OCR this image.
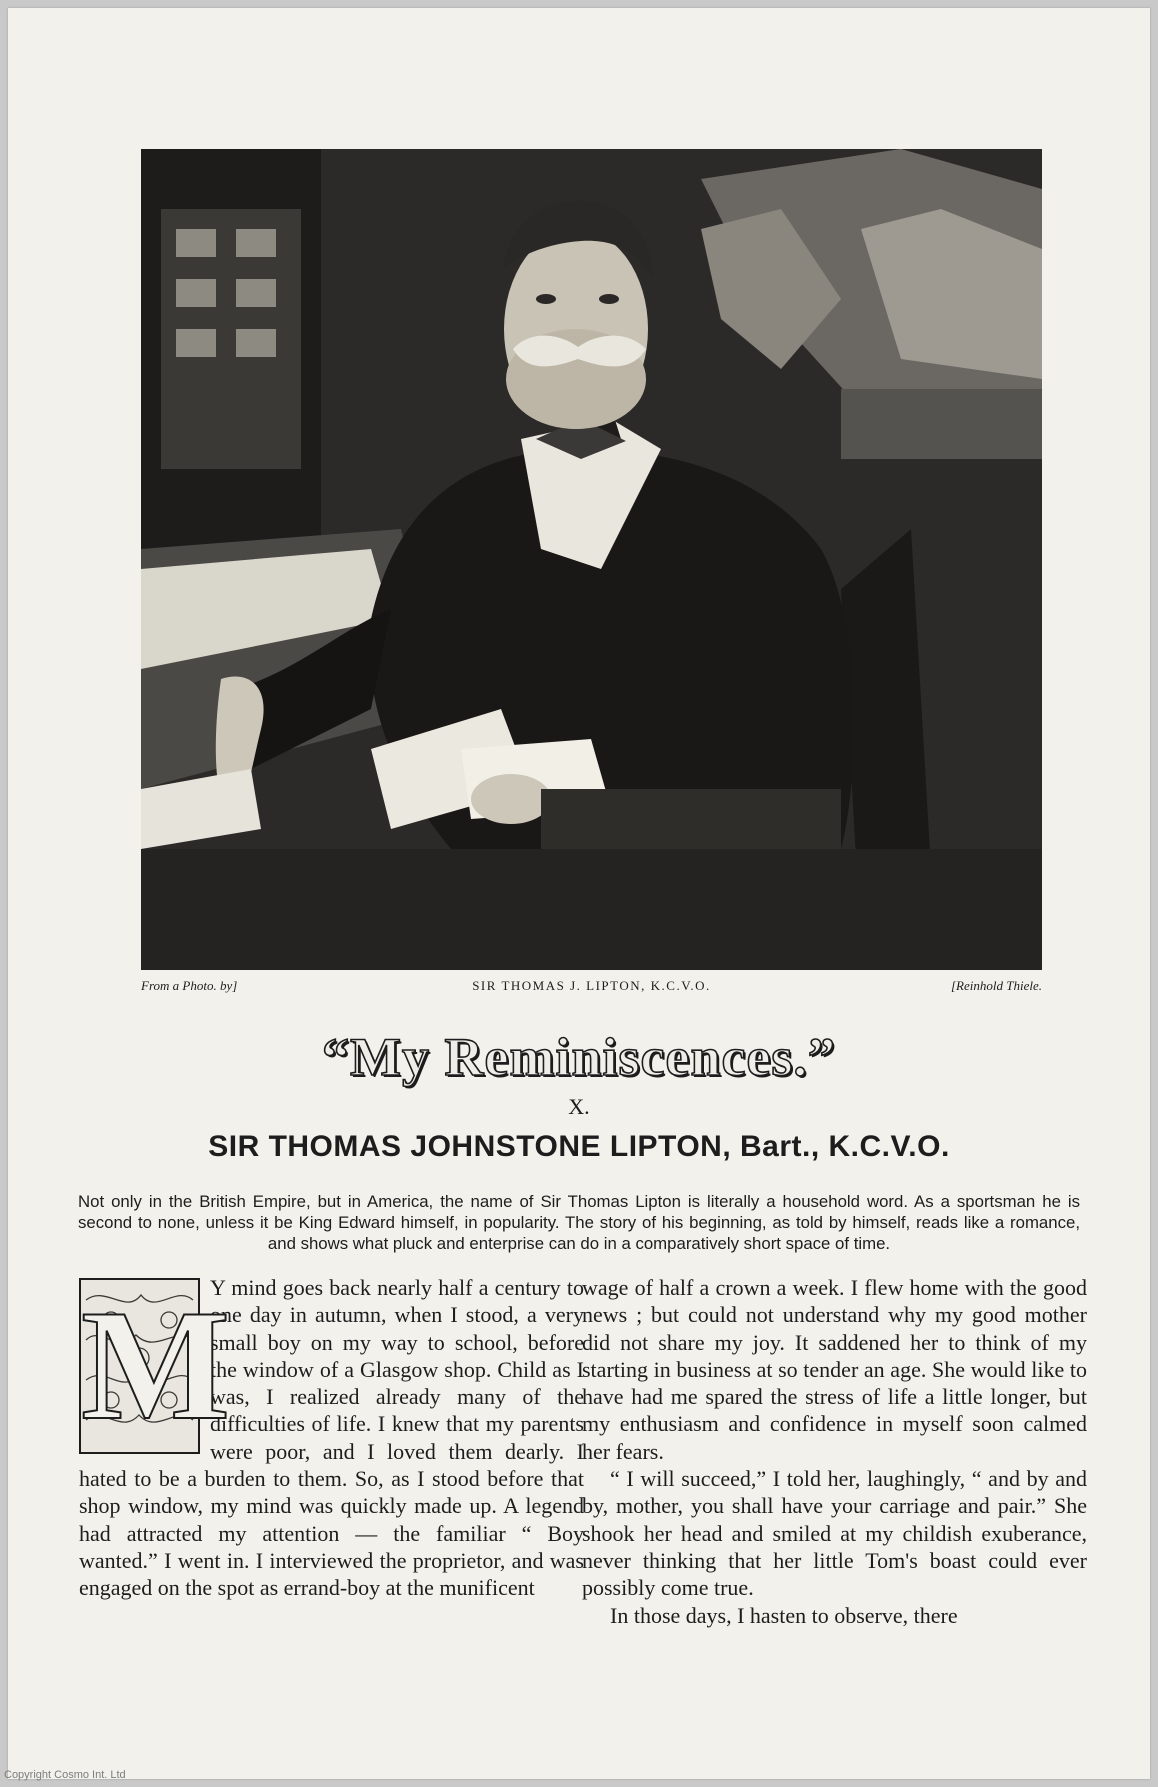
From a Photo. by]	SIR THOMAS J. LIPTON, K.C.V.O.	[Reinhold Thiele.
“My Reminiscences.”
X.
SIR THOMAS JOHNSTONE LIPTON, Bart., K.C.V.O.
Not only in the British Empire, but in America, the name of Sir Thomas Lipton is literally a household word. As a sportsman he is second to none, unless it be King Edward himself, in popularity. The story of his beginning, as told by himself, reads like a romance, and shows what pluck and enterprise can do in a comparatively short space of time.
M

Y mind goes back nearly half a century to one day in autumn, when I stood, a very small boy on my way to school, before the window of a Glasgow shop. Child as I was, I realized already many of the difficulties of life. I knew that my parents were poor, and I loved them dearly. I hated to be a burden to them. So, as I stood before that shop window, my mind was quickly made up. A legend had attracted my attention — the familiar “ Boy wanted.” I went in. I interviewed the proprietor, and was engaged on the spot as errand-boy at the munificent

wage of half a crown a week. I flew home with the good news ; but could not understand why my good mother did not share my joy. It saddened her to think of my starting in business at so tender an age. She would like to have had me spared the stress of life a little longer, but my enthusiasm and confidence in myself soon calmed her fears.

“ I will succeed,” I told her, laughingly, “ and by and by, mother, you shall have your carriage and pair.” She shook her head and smiled at my childish exuberance, never thinking that her little Tom's boast could ever possibly come true.

In those days, I hasten to observe, there

Copyright Cosmo Int. Ltd
